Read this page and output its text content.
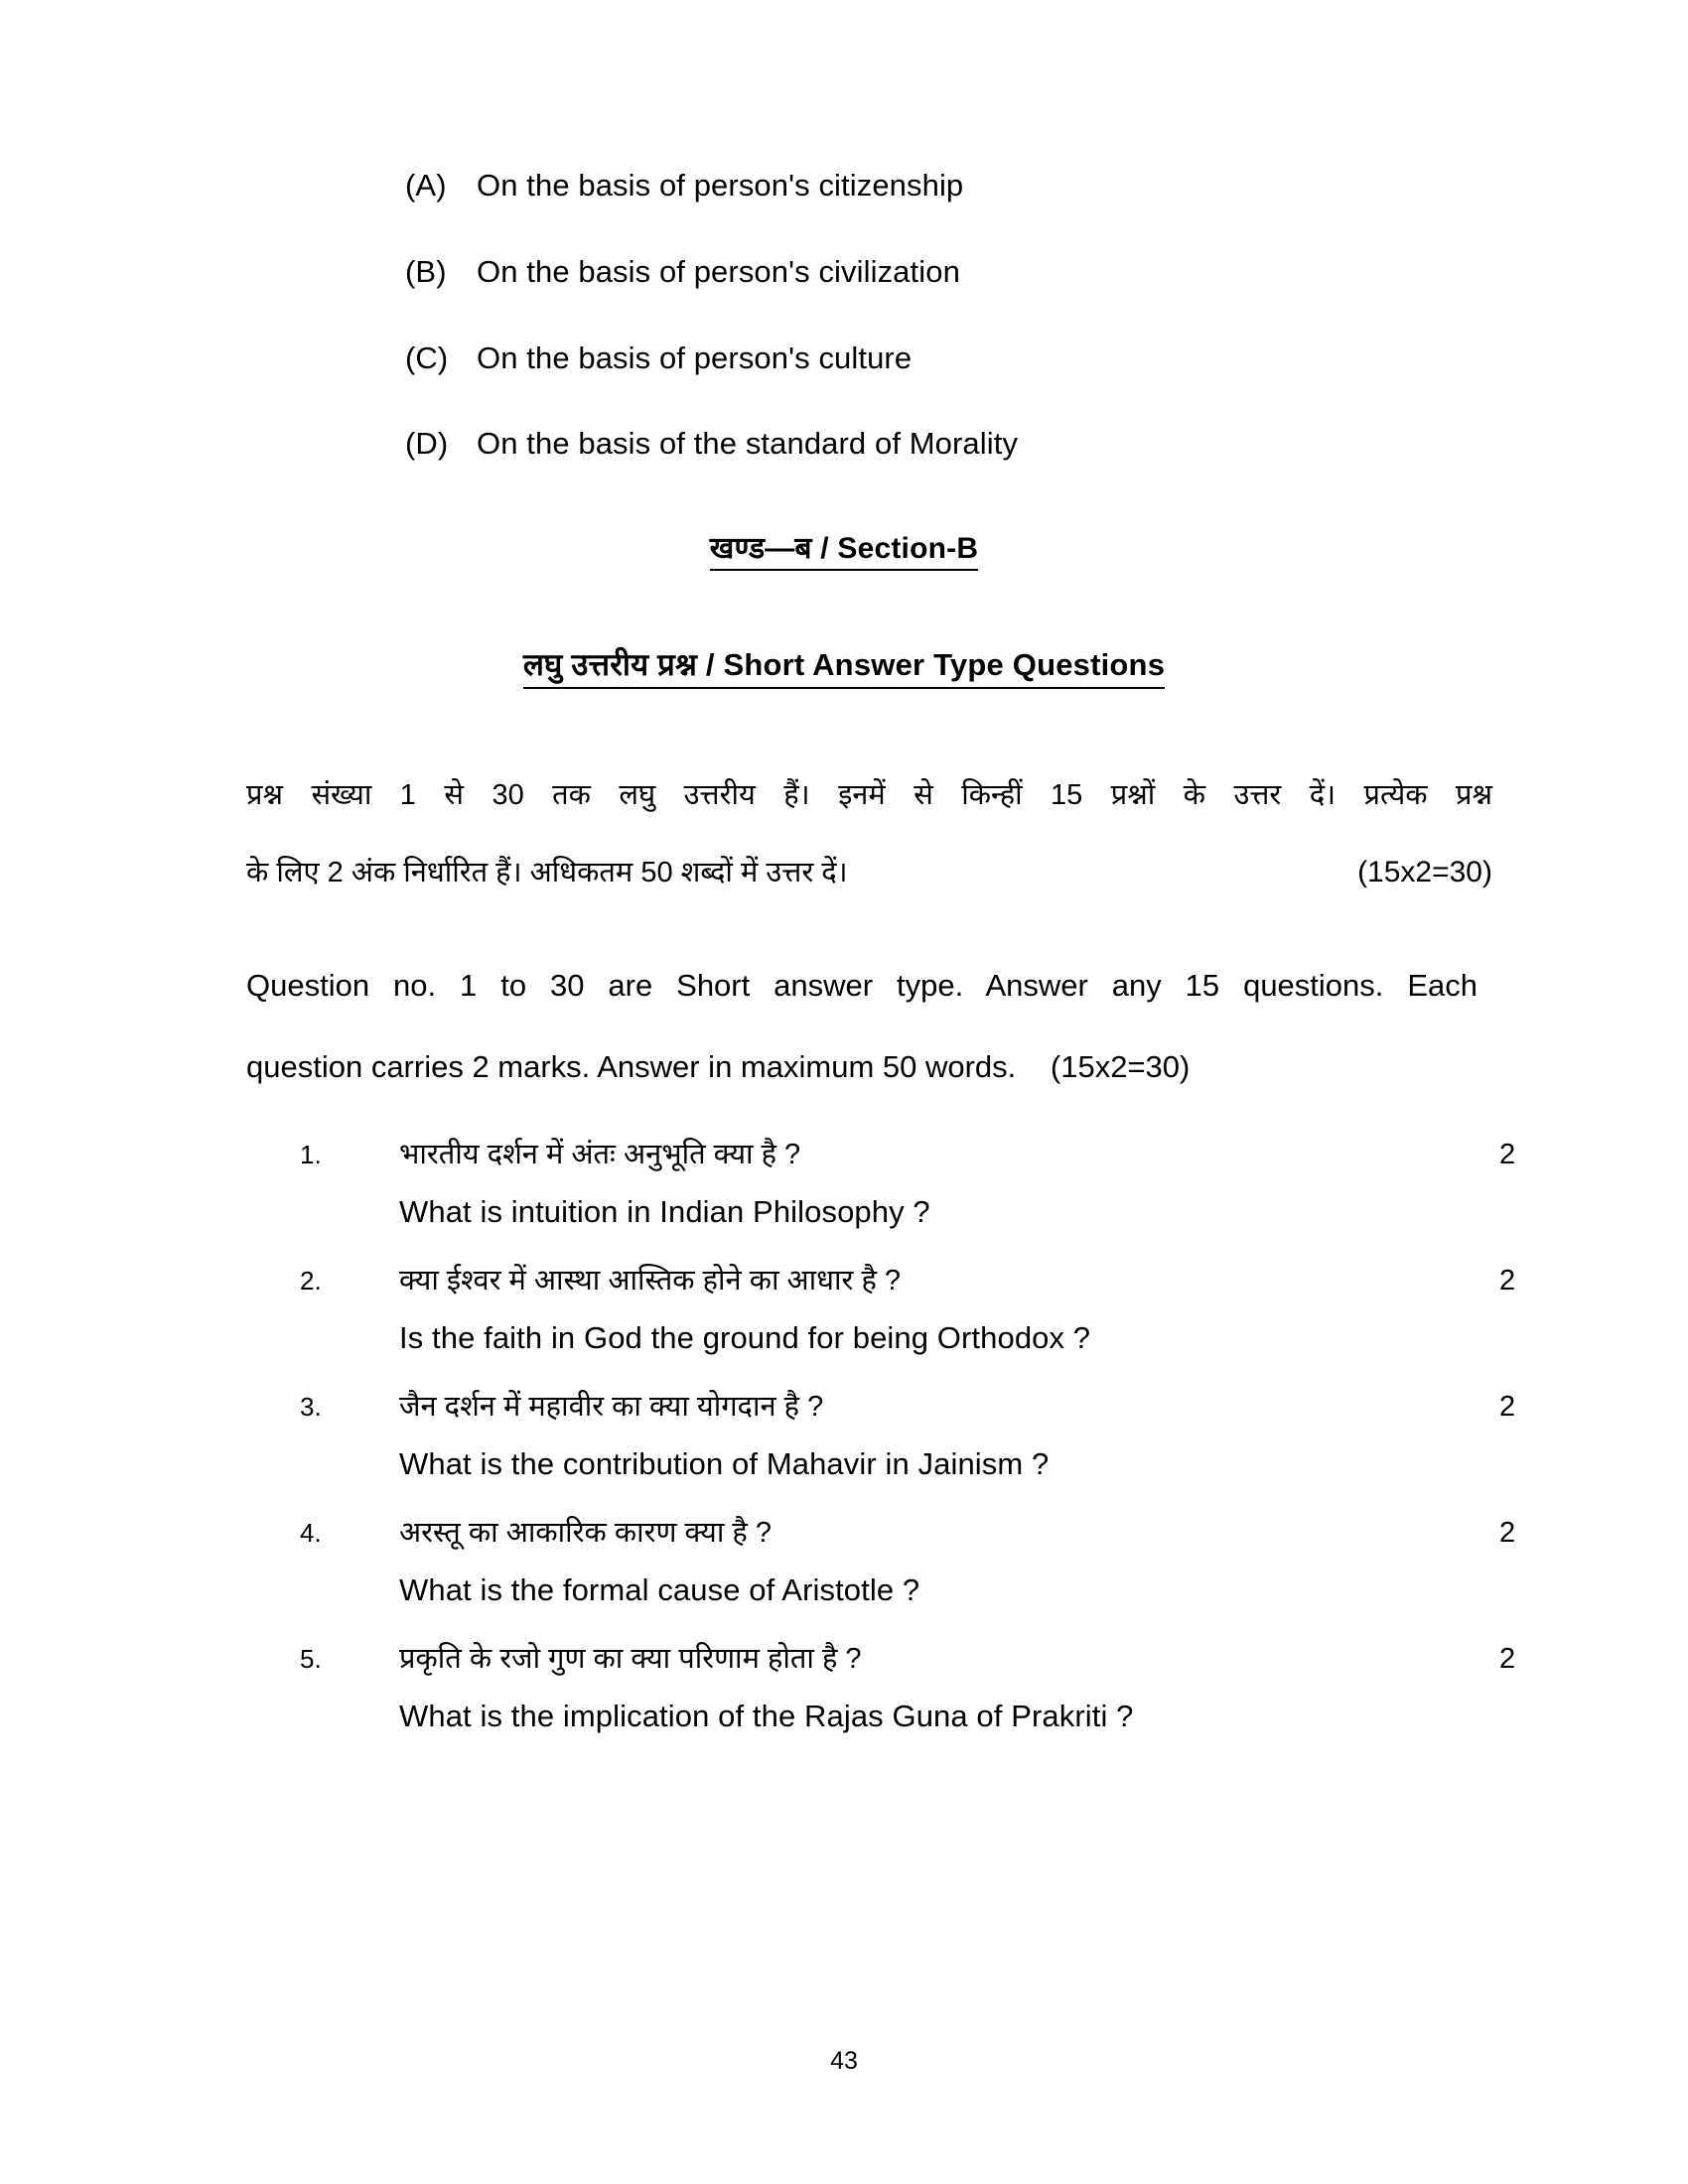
(A) On the basis of person's citizenship
(B) On the basis of person's civilization
(C) On the basis of person's culture
(D) On the basis of the standard of Morality
खण्ड—ब / Section-B
लघु उत्तरीय प्रश्न / Short Answer Type Questions
प्रश्न संख्या 1 से 30 तक लघु उत्तरीय हैं। इनमें से किन्हीं 15 प्रश्नों के उत्तर दें। प्रत्येक प्रश्न
के लिए 2 अंक निर्धारित हैं। अधिकतम 50 शब्दों में उत्तर दें।	(15x2=30)
Question no. 1 to 30 are Short answer type. Answer any 15 questions. Each
question carries 2 marks. Answer in maximum 50 words. (15x2=30)
1.	भारतीय दर्शन में अंतः अनुभूति क्या है ?	2
What is intuition in Indian Philosophy ?
2.	क्या ईश्वर में आस्था आस्तिक होने का आधार है ?	2
Is the faith in God the ground for being Orthodox ?
3.	जैन दर्शन में महावीर का क्या योगदान है ?	2
What is the contribution of Mahavir in Jainism ?
4.	अरस्तू का आकारिक कारण क्या है ?	2
What is the formal cause of Aristotle ?
5.	प्रकृति के रजो गुण का क्या परिणाम होता है ?	2
What is the implication of the Rajas Guna of Prakriti ?
43
